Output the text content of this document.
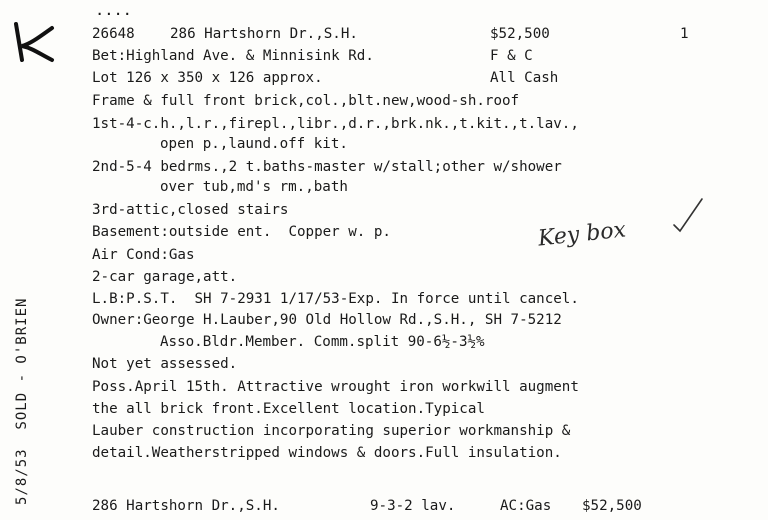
....
26648 286 Hartshorn Dr.,S.H.	$52,500	1
Bet:Highland Ave. & Minnisink Rd.	F & C
Lot 126 x 350 x 126 approx.	All Cash
Frame & full front brick,col.,blt.new,wood-sh.roof
1st-4-c.h.,l.r.,firepl.,libr.,d.r.,brk.nk.,t.kit.,t.lav.,
open p.,laund.off kit.
2nd-5-4 bedrms.,2 t.baths-master w/stall;other w/shower
over tub,md's rm.,bath
3rd-attic,closed stairs
Basement:outside ent.  Copper w. p.	Key box
Air Cond:Gas
2-car garage,att.
L.B:P.S.T.  SH 7-2931 1/17/53-Exp. In force until cancel.
Owner:George H.Lauber,90 Old Hollow Rd.,S.H., SH 7-5212
Asso.Bldr.Member. Comm.split 90-6½-3½%
Not yet assessed.
Poss.April 15th. Attractive wrought iron workwill augment
the all brick front.Excellent location.Typical
Lauber construction incorporating superior workmanship &
detail.Weatherstripped windows & doors.Full insulation.
286 Hartshorn Dr.,S.H.	9-3-2 lav.	AC:Gas $52,500
5/8/53  SOLD - O'BRIEN
